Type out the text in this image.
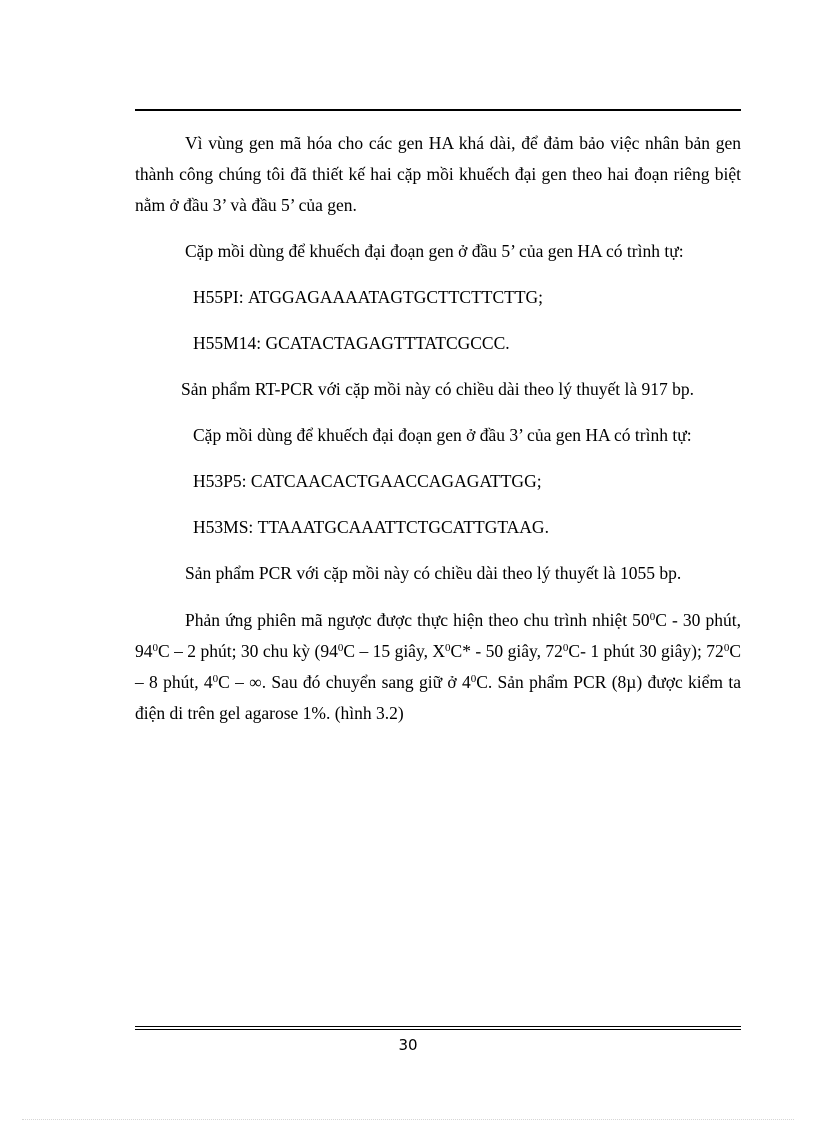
Vì vùng gen mã hóa cho các gen HA khá dài, để đảm bảo việc nhân bản gen thành công chúng tôi đã thiết kế hai cặp mồi khuếch đại gen theo hai đoạn riêng biệt nằm ở đầu 3’ và đầu 5’ của gen.

Cặp mồi dùng để khuếch đại đoạn gen ở đầu 5’ của gen HA có trình tự:
H55PI: ATGGAGAAAATAGTGCTTCTTCTTG;
H55M14: GCATACTAGAGTTTATCGCCC.
Sản phẩm RT-PCR với cặp mồi này có chiều dài theo lý thuyết là 917 bp.
Cặp mồi dùng để khuếch đại đoạn gen ở đầu 3’ của gen HA có trình tự:
H53P5: CATCAACACTGAACCAGAGATTGG;
H53MS: TTAAATGCAAATTCTGCATTGTAAG.
Sản phẩm PCR với cặp mồi này có chiều dài theo lý thuyết là 1055 bp.

Phản ứng phiên mã ngược được thực hiện theo chu trình nhiệt $50^0C - 30$ phút, $94^0C - 2$ phút; 30 chu kỳ ($94^0C - 15$ giây, $X^0C* - 50$ giây, $72^0C-$ 1 phút 30 giây); $72^0C - 8$ phút, $4^0C$ – ∞. Sau đó chuyển sang giữ ở $4^0C$. Sản phẩm PCR (8µ) được kiểm ta điện di trên gel agarose 1%. (hình 3.2)

30
